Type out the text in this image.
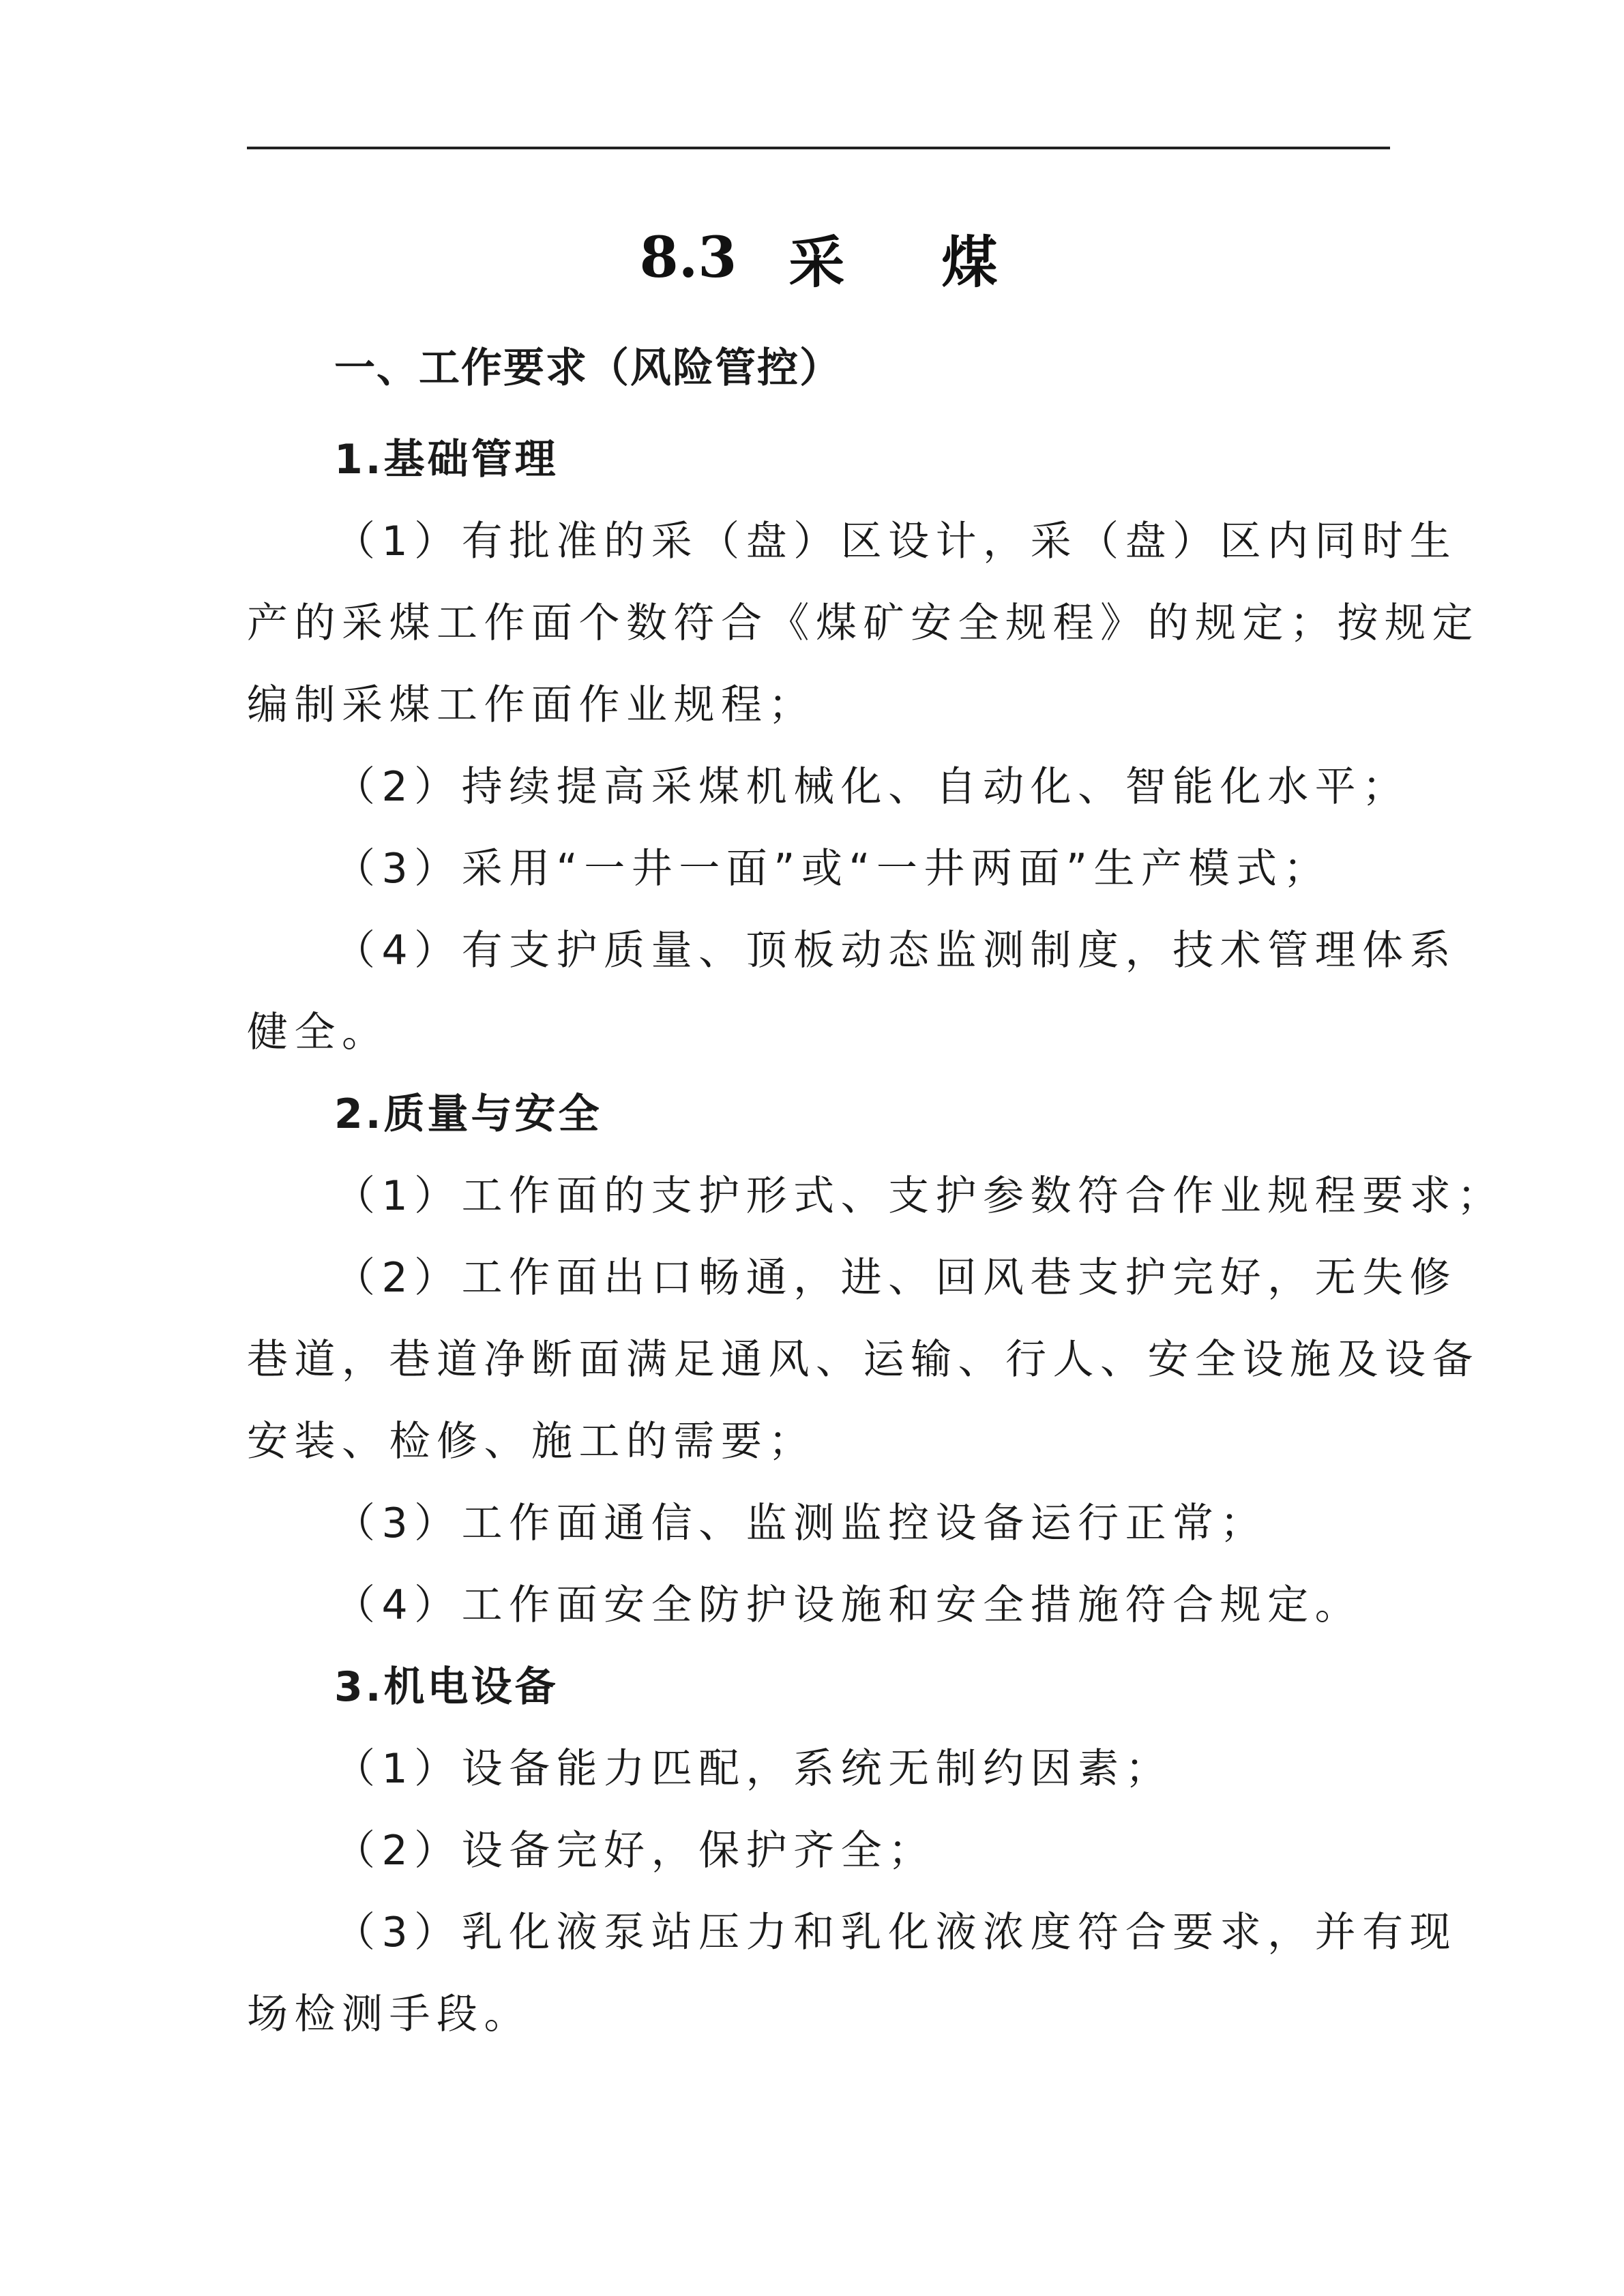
8.3 采 煤
一、工作要求（风险管控）
1.基础管理
（1）有批准的采（盘）区设计，采（盘）区内同时生
产的采煤工作面个数符合《煤矿安全规程》的规定；按规定
编制采煤工作面作业规程；
（2）持续提高采煤机械化、自动化、智能化水平；
（3）采用“一井一面”或“一井两面”生产模式；
（4）有支护质量、顶板动态监测制度，技术管理体系
健全。
2.质量与安全
（1）工作面的支护形式、支护参数符合作业规程要求；
（2）工作面出口畅通，进、回风巷支护完好，无失修
巷道，巷道净断面满足通风、运输、行人、安全设施及设备
安装、检修、施工的需要；
（3）工作面通信、监测监控设备运行正常；
（4）工作面安全防护设施和安全措施符合规定。
3.机电设备
（1）设备能力匹配，系统无制约因素；
（2）设备完好，保护齐全；
（3）乳化液泵站压力和乳化液浓度符合要求，并有现
场检测手段。
